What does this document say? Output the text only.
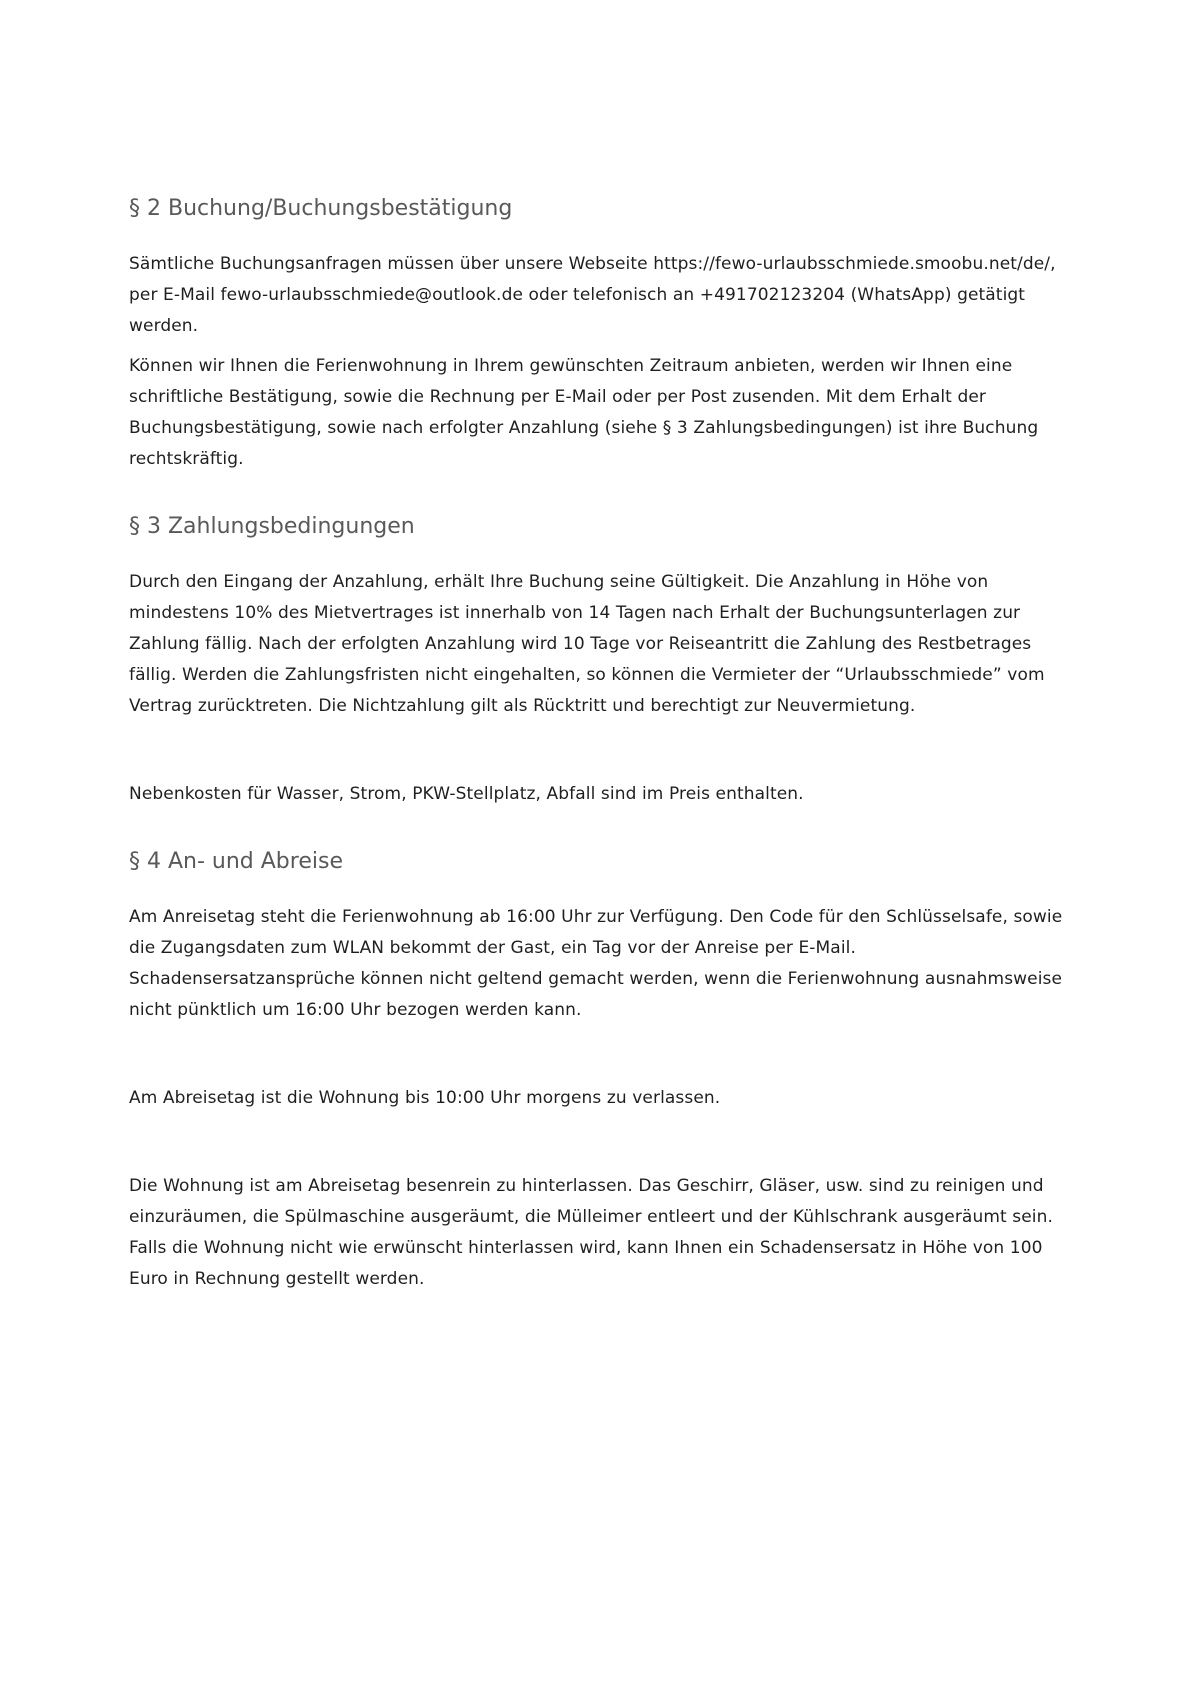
§ 2 Buchung/Buchungsbestätigung

Sämtliche Buchungsanfragen müssen über unsere Webseite https://fewo-urlaubsschmiede.smoobu.net/de/, per E-Mail fewo-urlaubsschmiede@outlook.de oder telefonisch an +491702123204 (WhatsApp) getätigt werden.

Können wir Ihnen die Ferienwohnung in Ihrem gewünschten Zeitraum anbieten, werden wir Ihnen eine schriftliche Bestätigung, sowie die Rechnung per E-Mail oder per Post zusenden. Mit dem Erhalt der Buchungsbestätigung, sowie nach erfolgter Anzahlung (siehe § 3 Zahlungsbedingungen) ist ihre Buchung rechtskräftig.

§ 3 Zahlungsbedingungen

Durch den Eingang der Anzahlung, erhält Ihre Buchung seine Gültigkeit. Die Anzahlung in Höhe von mindestens 10% des Mietvertrages ist innerhalb von 14 Tagen nach Erhalt der Buchungsunterlagen zur Zahlung fällig. Nach der erfolgten Anzahlung wird 10 Tage vor Reiseantritt die Zahlung des Restbetrages fällig. Werden die Zahlungsfristen nicht eingehalten, so können die Vermieter der “Urlaubsschmiede” vom Vertrag zurücktreten. Die Nichtzahlung gilt als Rücktritt und berechtigt zur Neuvermietung.

Nebenkosten für Wasser, Strom, PKW-Stellplatz, Abfall sind im Preis enthalten.

§ 4 An- und Abreise

Am Anreisetag steht die Ferienwohnung ab 16:00 Uhr zur Verfügung. Den Code für den Schlüsselsafe, sowie die Zugangsdaten zum WLAN bekommt der Gast, ein Tag vor der Anreise per E-Mail. Schadensersatzansprüche können nicht geltend gemacht werden, wenn die Ferienwohnung ausnahmsweise nicht pünktlich um 16:00 Uhr bezogen werden kann.

Am Abreisetag ist die Wohnung bis 10:00 Uhr morgens zu verlassen.

Die Wohnung ist am Abreisetag besenrein zu hinterlassen. Das Geschirr, Gläser, usw. sind zu reinigen und einzuräumen, die Spülmaschine ausgeräumt, die Mülleimer entleert und der Kühlschrank ausgeräumt sein. Falls die Wohnung nicht wie erwünscht hinterlassen wird, kann Ihnen ein Schadensersatz in Höhe von 100 Euro in Rechnung gestellt werden.
